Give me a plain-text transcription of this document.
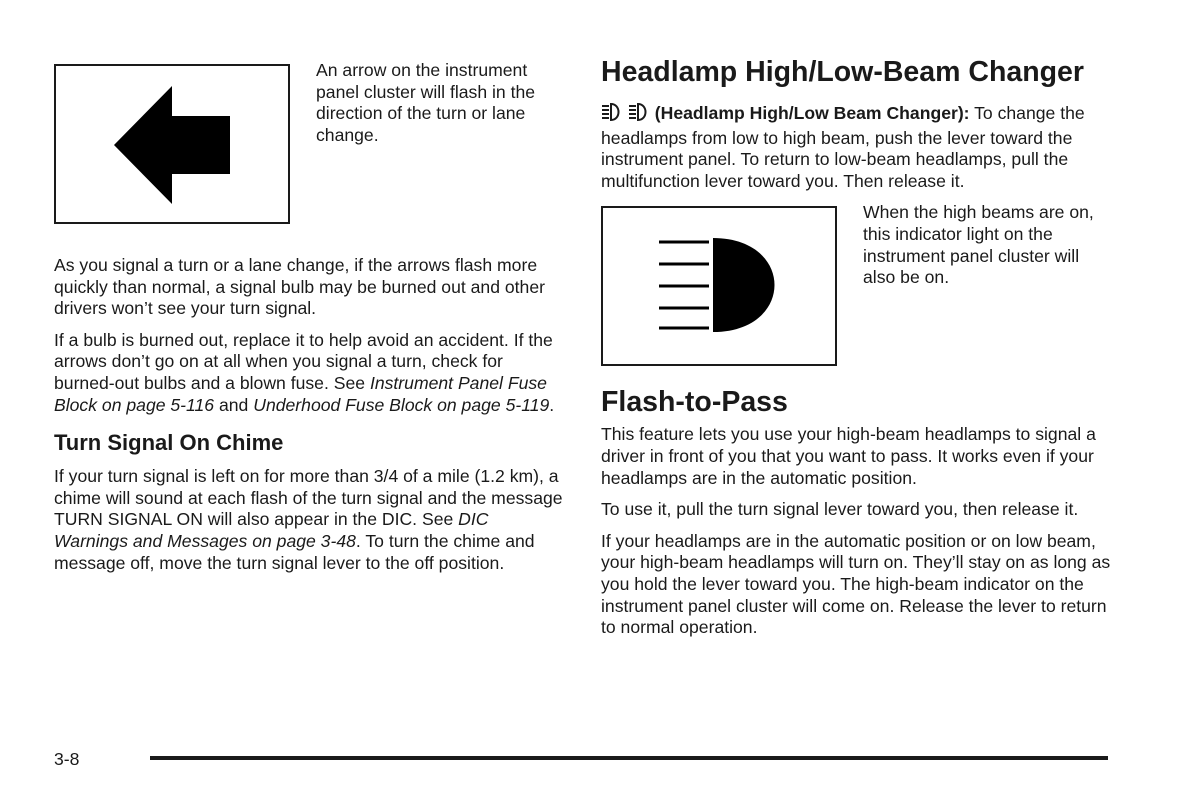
An arrow on the instrument panel cluster will flash in the direction of the turn or lane change.

As you signal a turn or a lane change, if the arrows flash more quickly than normal, a signal bulb may be burned out and other drivers won’t see your turn signal.

If a bulb is burned out, replace it to help avoid an accident. If the arrows don’t go on at all when you signal a turn, check for burned-out bulbs and a blown fuse. See Instrument Panel Fuse Block on page 5-116 and Underhood Fuse Block on page 5-119.

Turn Signal On Chime

If your turn signal is left on for more than 3/4 of a mile (1.2 km), a chime will sound at each flash of the turn signal and the message TURN SIGNAL ON will also appear in the DIC. See DIC Warnings and Messages on page 3-48. To turn the chime and message off, move the turn signal lever to the off position.

Headlamp High/Low-Beam Changer

(Headlamp High/Low Beam Changer): To change the headlamps from low to high beam, push the lever toward the instrument panel. To return to low-beam headlamps, pull the multifunction lever toward you. Then release it.

When the high beams are on, this indicator light on the instrument panel cluster will also be on.

Flash-to-Pass

This feature lets you use your high-beam headlamps to signal a driver in front of you that you want to pass. It works even if your headlamps are in the automatic position.

To use it, pull the turn signal lever toward you, then release it.

If your headlamps are in the automatic position or on low beam, your high-beam headlamps will turn on. They’ll stay on as long as you hold the lever toward you. The high-beam indicator on the instrument panel cluster will come on. Release the lever to return to normal operation.

3-8
